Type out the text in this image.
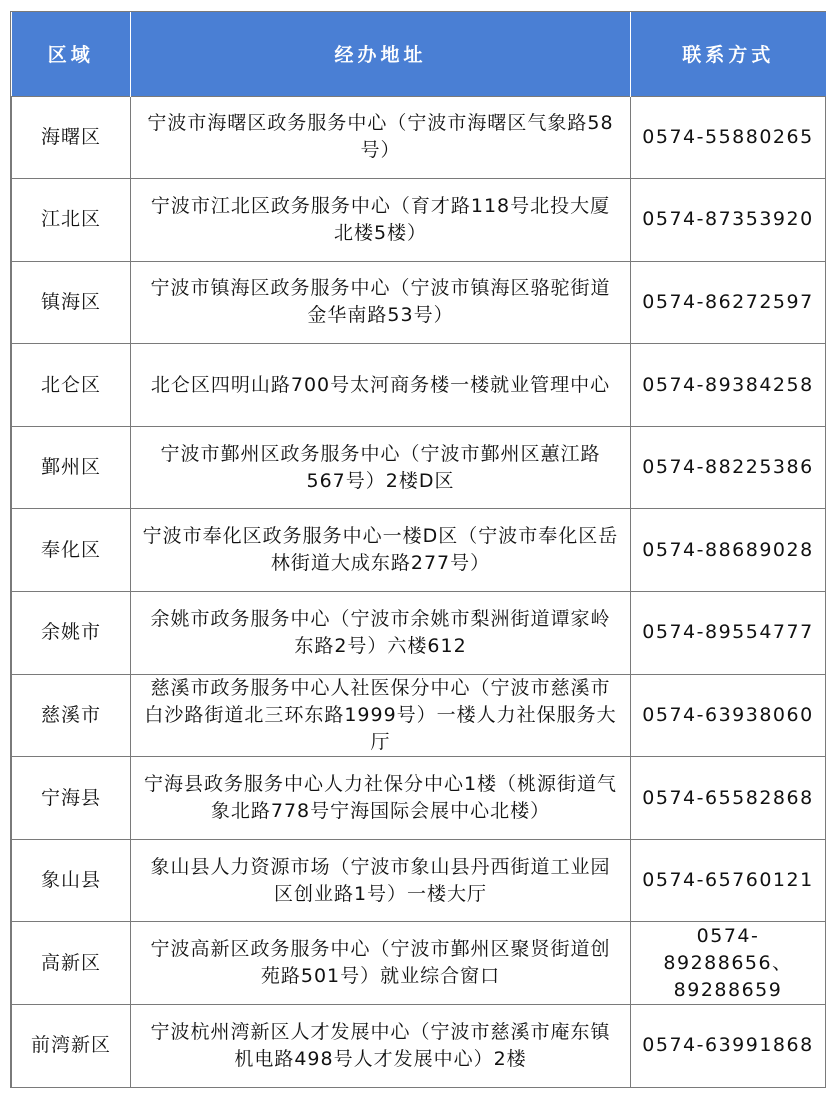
区域	经办地址	联系方式
海曙区	宁波市海曙区政务服务中心（宁波市海曙区气象路58号）	0574-55880265

江北区	宁波市江北区政务服务中心（育才路118号北投大厦北楼5楼）	0574-87353920

镇海区	宁波市镇海区政务服务中心（宁波市镇海区骆驼街道金华南路53号）	0574-86272597

北仑区	北仑区四明山路700号太河商务楼一楼就业管理中心	0574-89384258

鄞州区	宁波市鄞州区政务服务中心（宁波市鄞州区蕙江路567号）2楼D区	0574-88225386

奉化区	宁波市奉化区政务服务中心一楼D区（宁波市奉化区岳林街道大成东路277号）	0574-88689028

余姚市	余姚市政务服务中心（宁波市余姚市梨洲街道谭家岭东路2号）六楼612	0574-89554777

慈溪市	慈溪市政务服务中心人社医保分中心（宁波市慈溪市白沙路街道北三环东路1999号）一楼人力社保服务大厅	0574-63938060

宁海县	宁海县政务服务中心人力社保分中心1楼（桃源街道气象北路778号宁海国际会展中心北楼）	0574-65582868

象山县	象山县人力资源市场（宁波市象山县丹西街道工业园区创业路1号）一楼大厅	0574-65760121

高新区	宁波高新区政务服务中心（宁波市鄞州区聚贤街道创苑路501号）就业综合窗口	0574-89288656、
89288659

前湾新区	宁波杭州湾新区人才发展中心（宁波市慈溪市庵东镇机电路498号人才发展中心）2楼	0574-63991868
